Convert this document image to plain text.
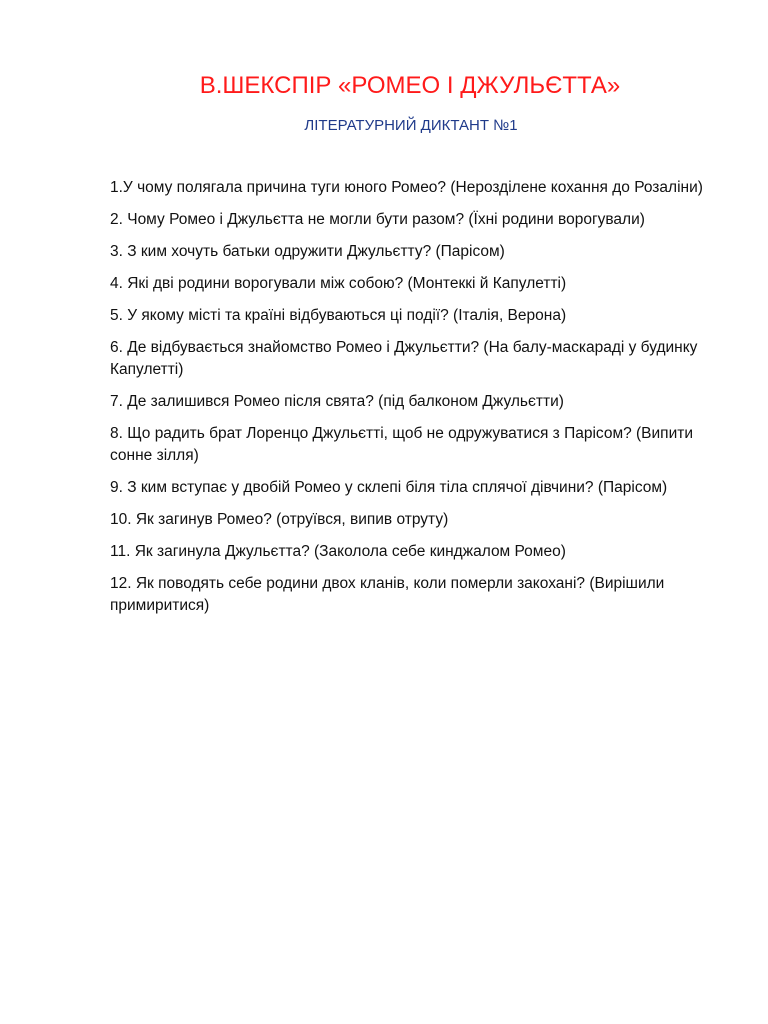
В.ШЕКСПІР «РОМЕО І ДЖУЛЬЄТТА»
ЛІТЕРАТУРНИЙ ДИКТАНТ №1
1.У чому полягала причина туги юного Ромео? (Нерозділене кохання до Розаліни)
2. Чому Ромео і Джульєтта не могли бути разом? (Їхні родини ворогували)
3. З ким хочуть батьки одружити Джульєтту? (Парісом)
4. Які дві родини ворогували між собою? (Монтеккі й Капулетті)
5. У якому місті та країні відбуваються ці події? (Італія, Верона)
6. Де відбувається знайомство Ромео і Джульєтти? (На балу-маскараді у будинку Капулетті)
7. Де залишився Ромео після свята? (під балконом Джульєтти)
8. Що радить брат Лоренцо Джульєтті, щоб не одружуватися з Парісом? (Випити сонне зілля)
9. З ким вступає у двобій Ромео у склепі біля тіла сплячої дівчини? (Парісом)
10. Як загинув Ромео? (отруївся, випив отруту)
11. Як загинула Джульєтта? (Заколола себе кинджалом Ромео)
12. Як поводять себе родини двох кланів, коли померли закохані? (Вирішили примиритися)
